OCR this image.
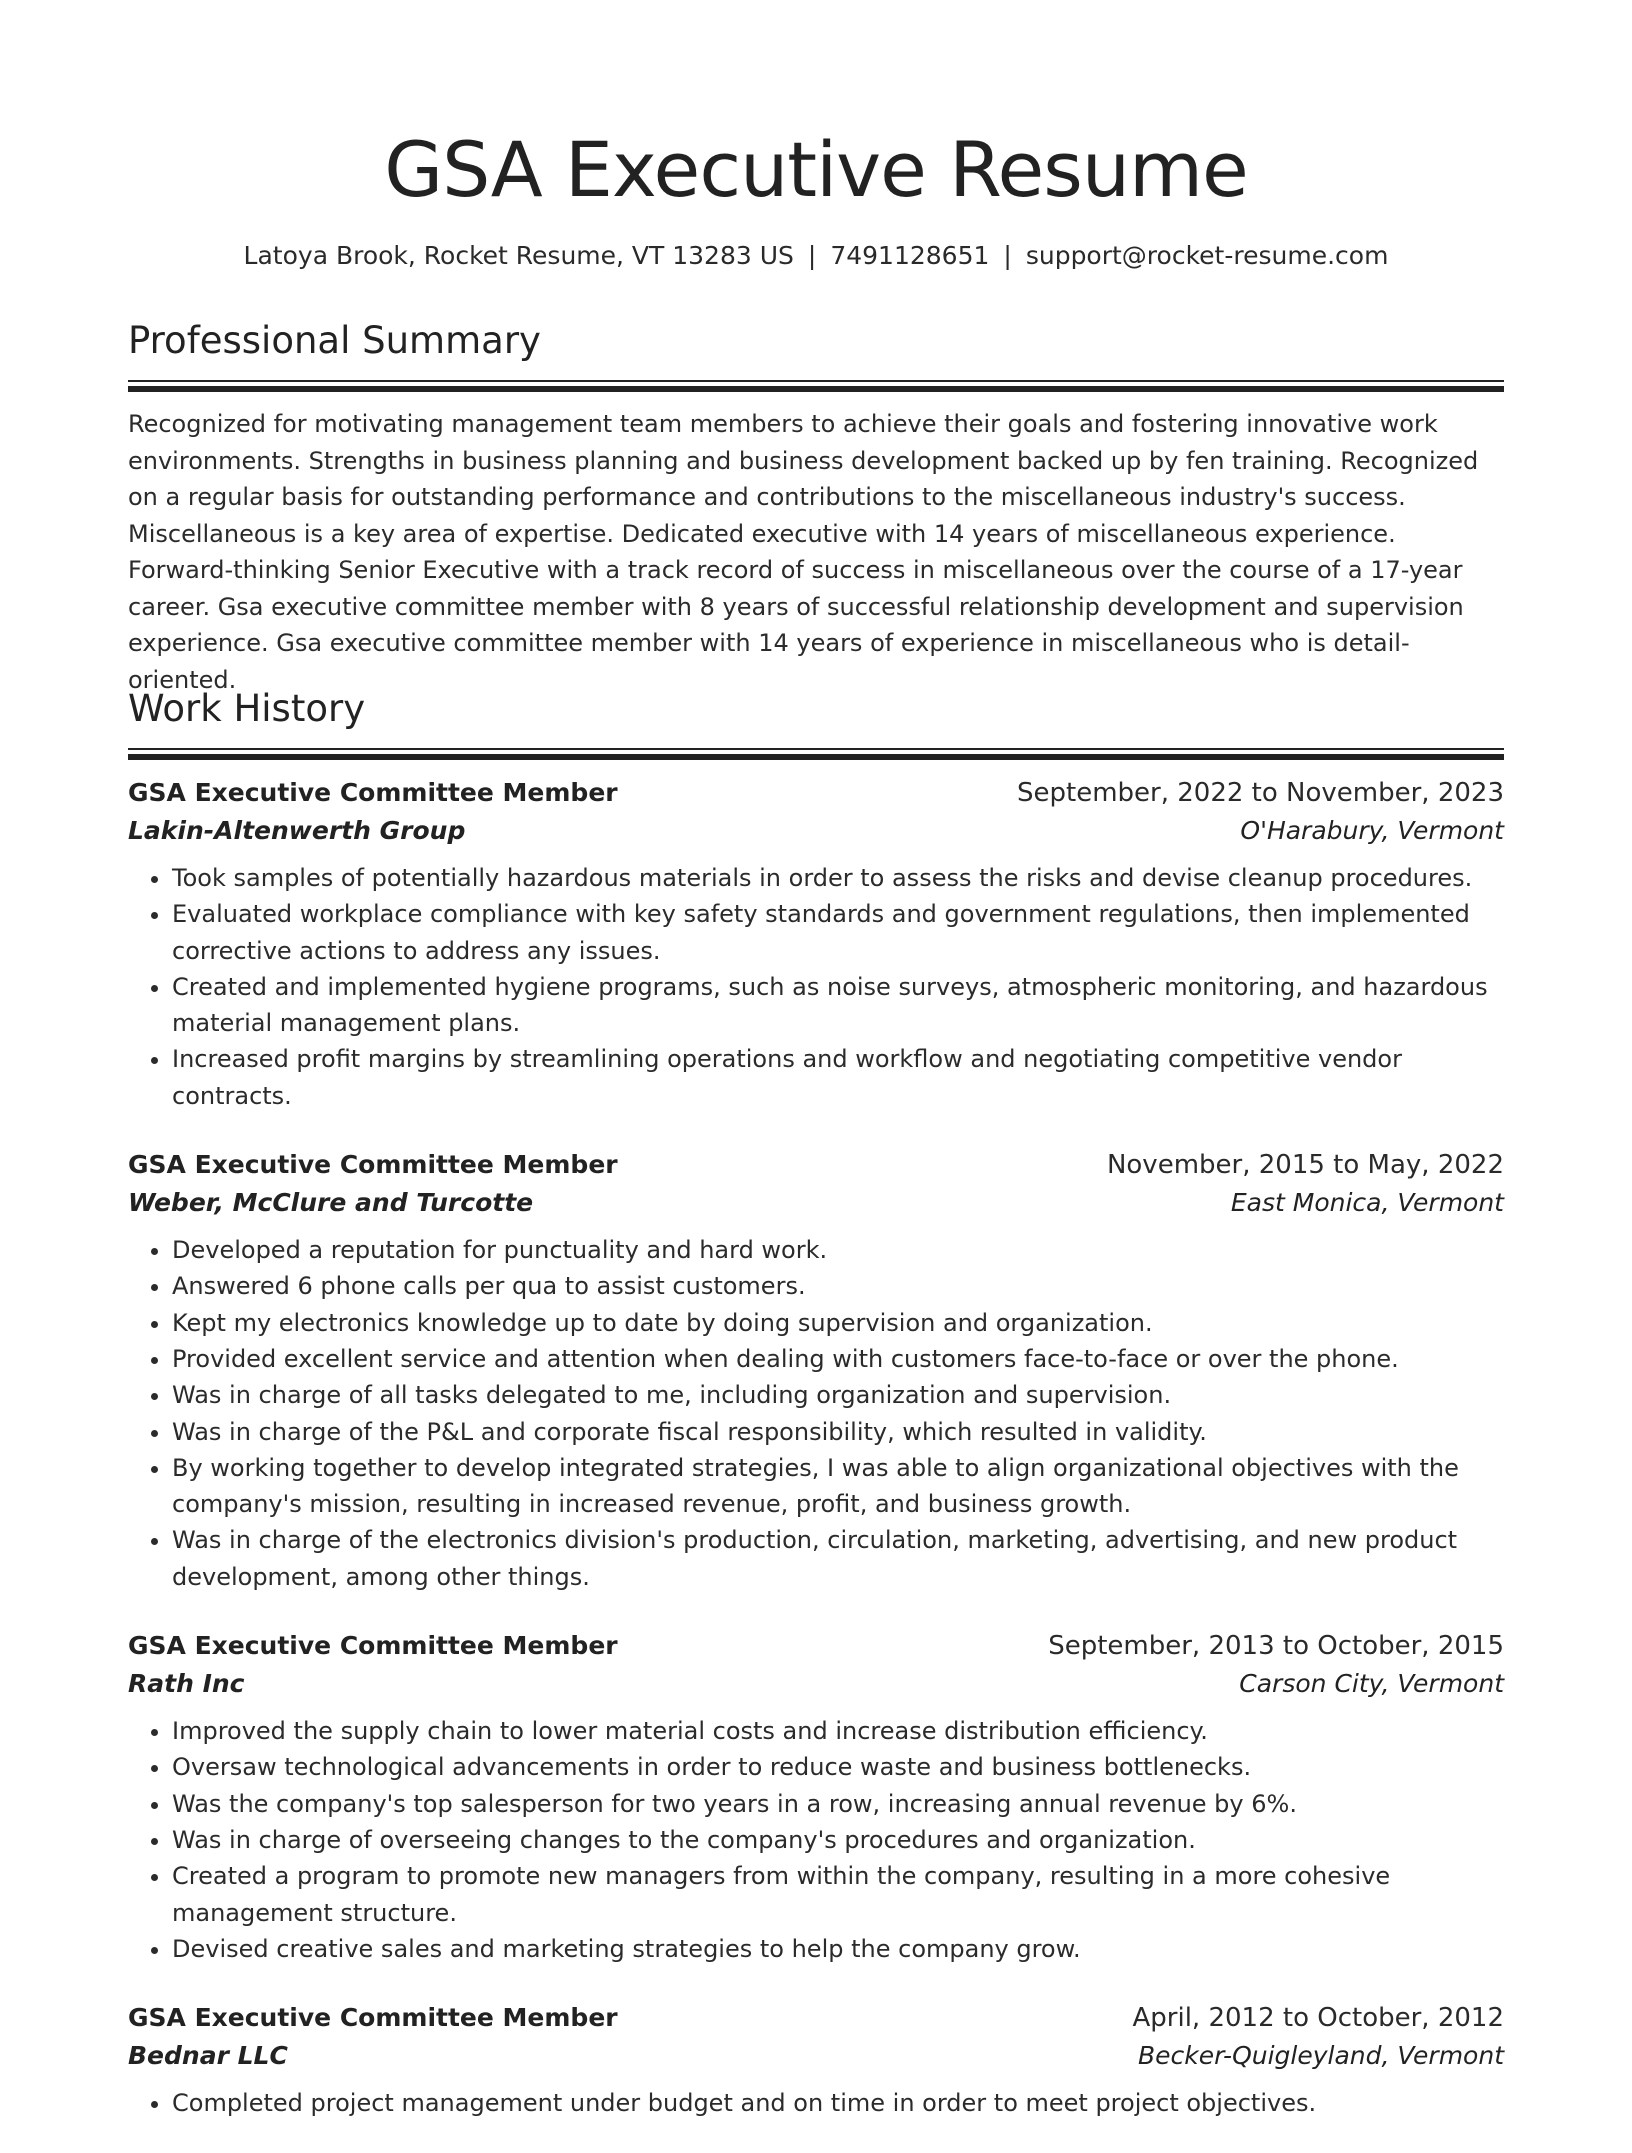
GSA Executive Resume
Latoya Brook, Rocket Resume, VT 13283 US | 7491128651 | support@rocket-resume.com
Professional Summary

Recognized for motivating management team members to achieve their goals and fostering innovative work environments. Strengths in business planning and business development backed up by fen training. Recognized on a regular basis for outstanding performance and contributions to the miscellaneous industry's success. Miscellaneous is a key area of expertise. Dedicated executive with 14 years of miscellaneous experience. Forward-thinking Senior Executive with a track record of success in miscellaneous over the course of a 17-year career. Gsa executive committee member with 8 years of successful relationship development and supervision experience. Gsa executive committee member with 14 years of experience in miscellaneous who is detail-oriented.

Work History
GSA Executive Committee Member	September, 2022 to November, 2023
Lakin-Altenwerth Group	O'Harabury, Vermont
• Took samples of potentially hazardous materials in order to assess the risks and devise cleanup procedures.
• Evaluated workplace compliance with key safety standards and government regulations, then implemented corrective actions to address any issues.
• Created and implemented hygiene programs, such as noise surveys, atmospheric monitoring, and hazardous material management plans.
• Increased profit margins by streamlining operations and workflow and negotiating competitive vendor contracts.
GSA Executive Committee Member	November, 2015 to May, 2022
Weber, McClure and Turcotte	East Monica, Vermont
• Developed a reputation for punctuality and hard work.
• Answered 6 phone calls per qua to assist customers.
• Kept my electronics knowledge up to date by doing supervision and organization.
• Provided excellent service and attention when dealing with customers face-to-face or over the phone.
• Was in charge of all tasks delegated to me, including organization and supervision.
• Was in charge of the P&L and corporate fiscal responsibility, which resulted in validity.
• By working together to develop integrated strategies, I was able to align organizational objectives with the company's mission, resulting in increased revenue, profit, and business growth.
• Was in charge of the electronics division's production, circulation, marketing, advertising, and new product development, among other things.
GSA Executive Committee Member	September, 2013 to October, 2015
Rath Inc	Carson City, Vermont
• Improved the supply chain to lower material costs and increase distribution efficiency.
• Oversaw technological advancements in order to reduce waste and business bottlenecks.
• Was the company's top salesperson for two years in a row, increasing annual revenue by 6%.
• Was in charge of overseeing changes to the company's procedures and organization.
• Created a program to promote new managers from within the company, resulting in a more cohesive management structure.
• Devised creative sales and marketing strategies to help the company grow.
GSA Executive Committee Member	April, 2012 to October, 2012
Bednar LLC	Becker-Quigleyland, Vermont
• Completed project management under budget and on time in order to meet project objectives.
